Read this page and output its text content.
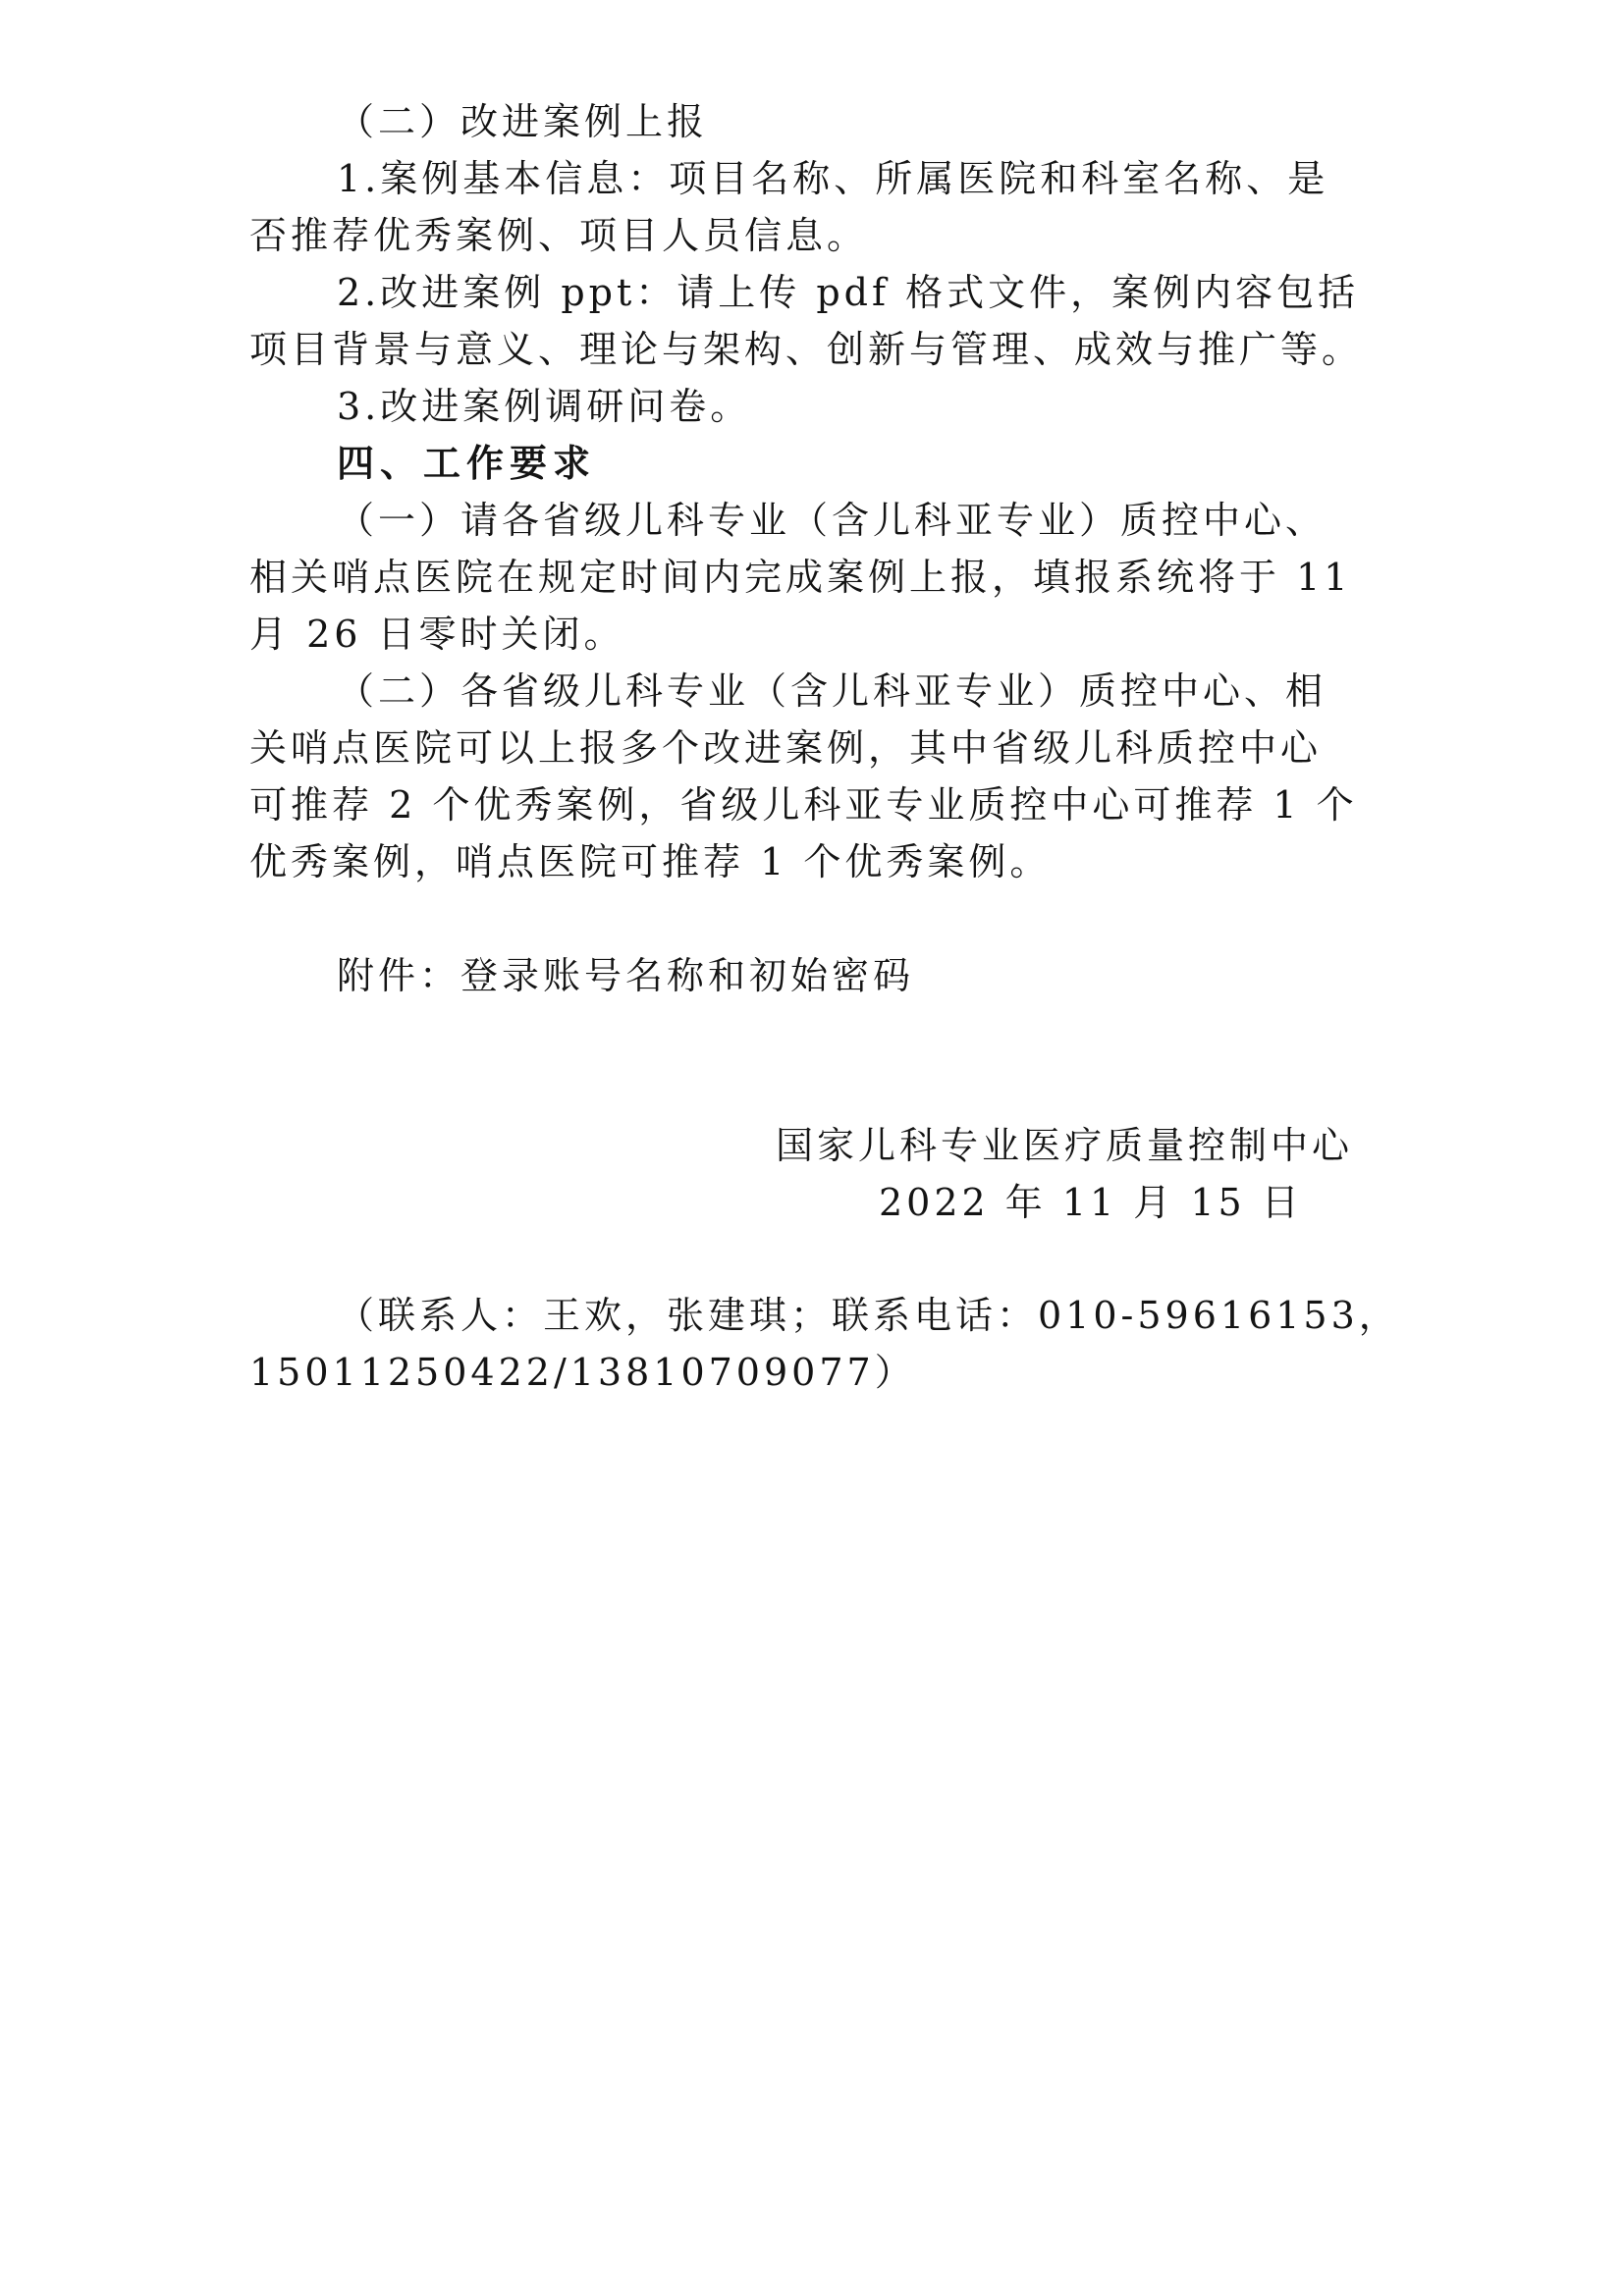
（二）改进案例上报
1.案例基本信息：项目名称、所属医院和科室名称、是
否推荐优秀案例、项目人员信息。
2.改进案例 ppt：请上传 pdf 格式文件，案例内容包括
项目背景与意义、理论与架构、创新与管理、成效与推广等。
3.改进案例调研问卷。
四、工作要求
（一）请各省级儿科专业（含儿科亚专业）质控中心、
相关哨点医院在规定时间内完成案例上报，填报系统将于 11
月 26 日零时关闭。
（二）各省级儿科专业（含儿科亚专业）质控中心、相
关哨点医院可以上报多个改进案例，其中省级儿科质控中心
可推荐 2 个优秀案例，省级儿科亚专业质控中心可推荐 1 个
优秀案例，哨点医院可推荐 1 个优秀案例。
附件：登录账号名称和初始密码
国家儿科专业医疗质量控制中心
2022 年 11 月 15 日
（联系人：王欢，张建琪；联系电话：010-59616153，
15011250422/13810709077）
